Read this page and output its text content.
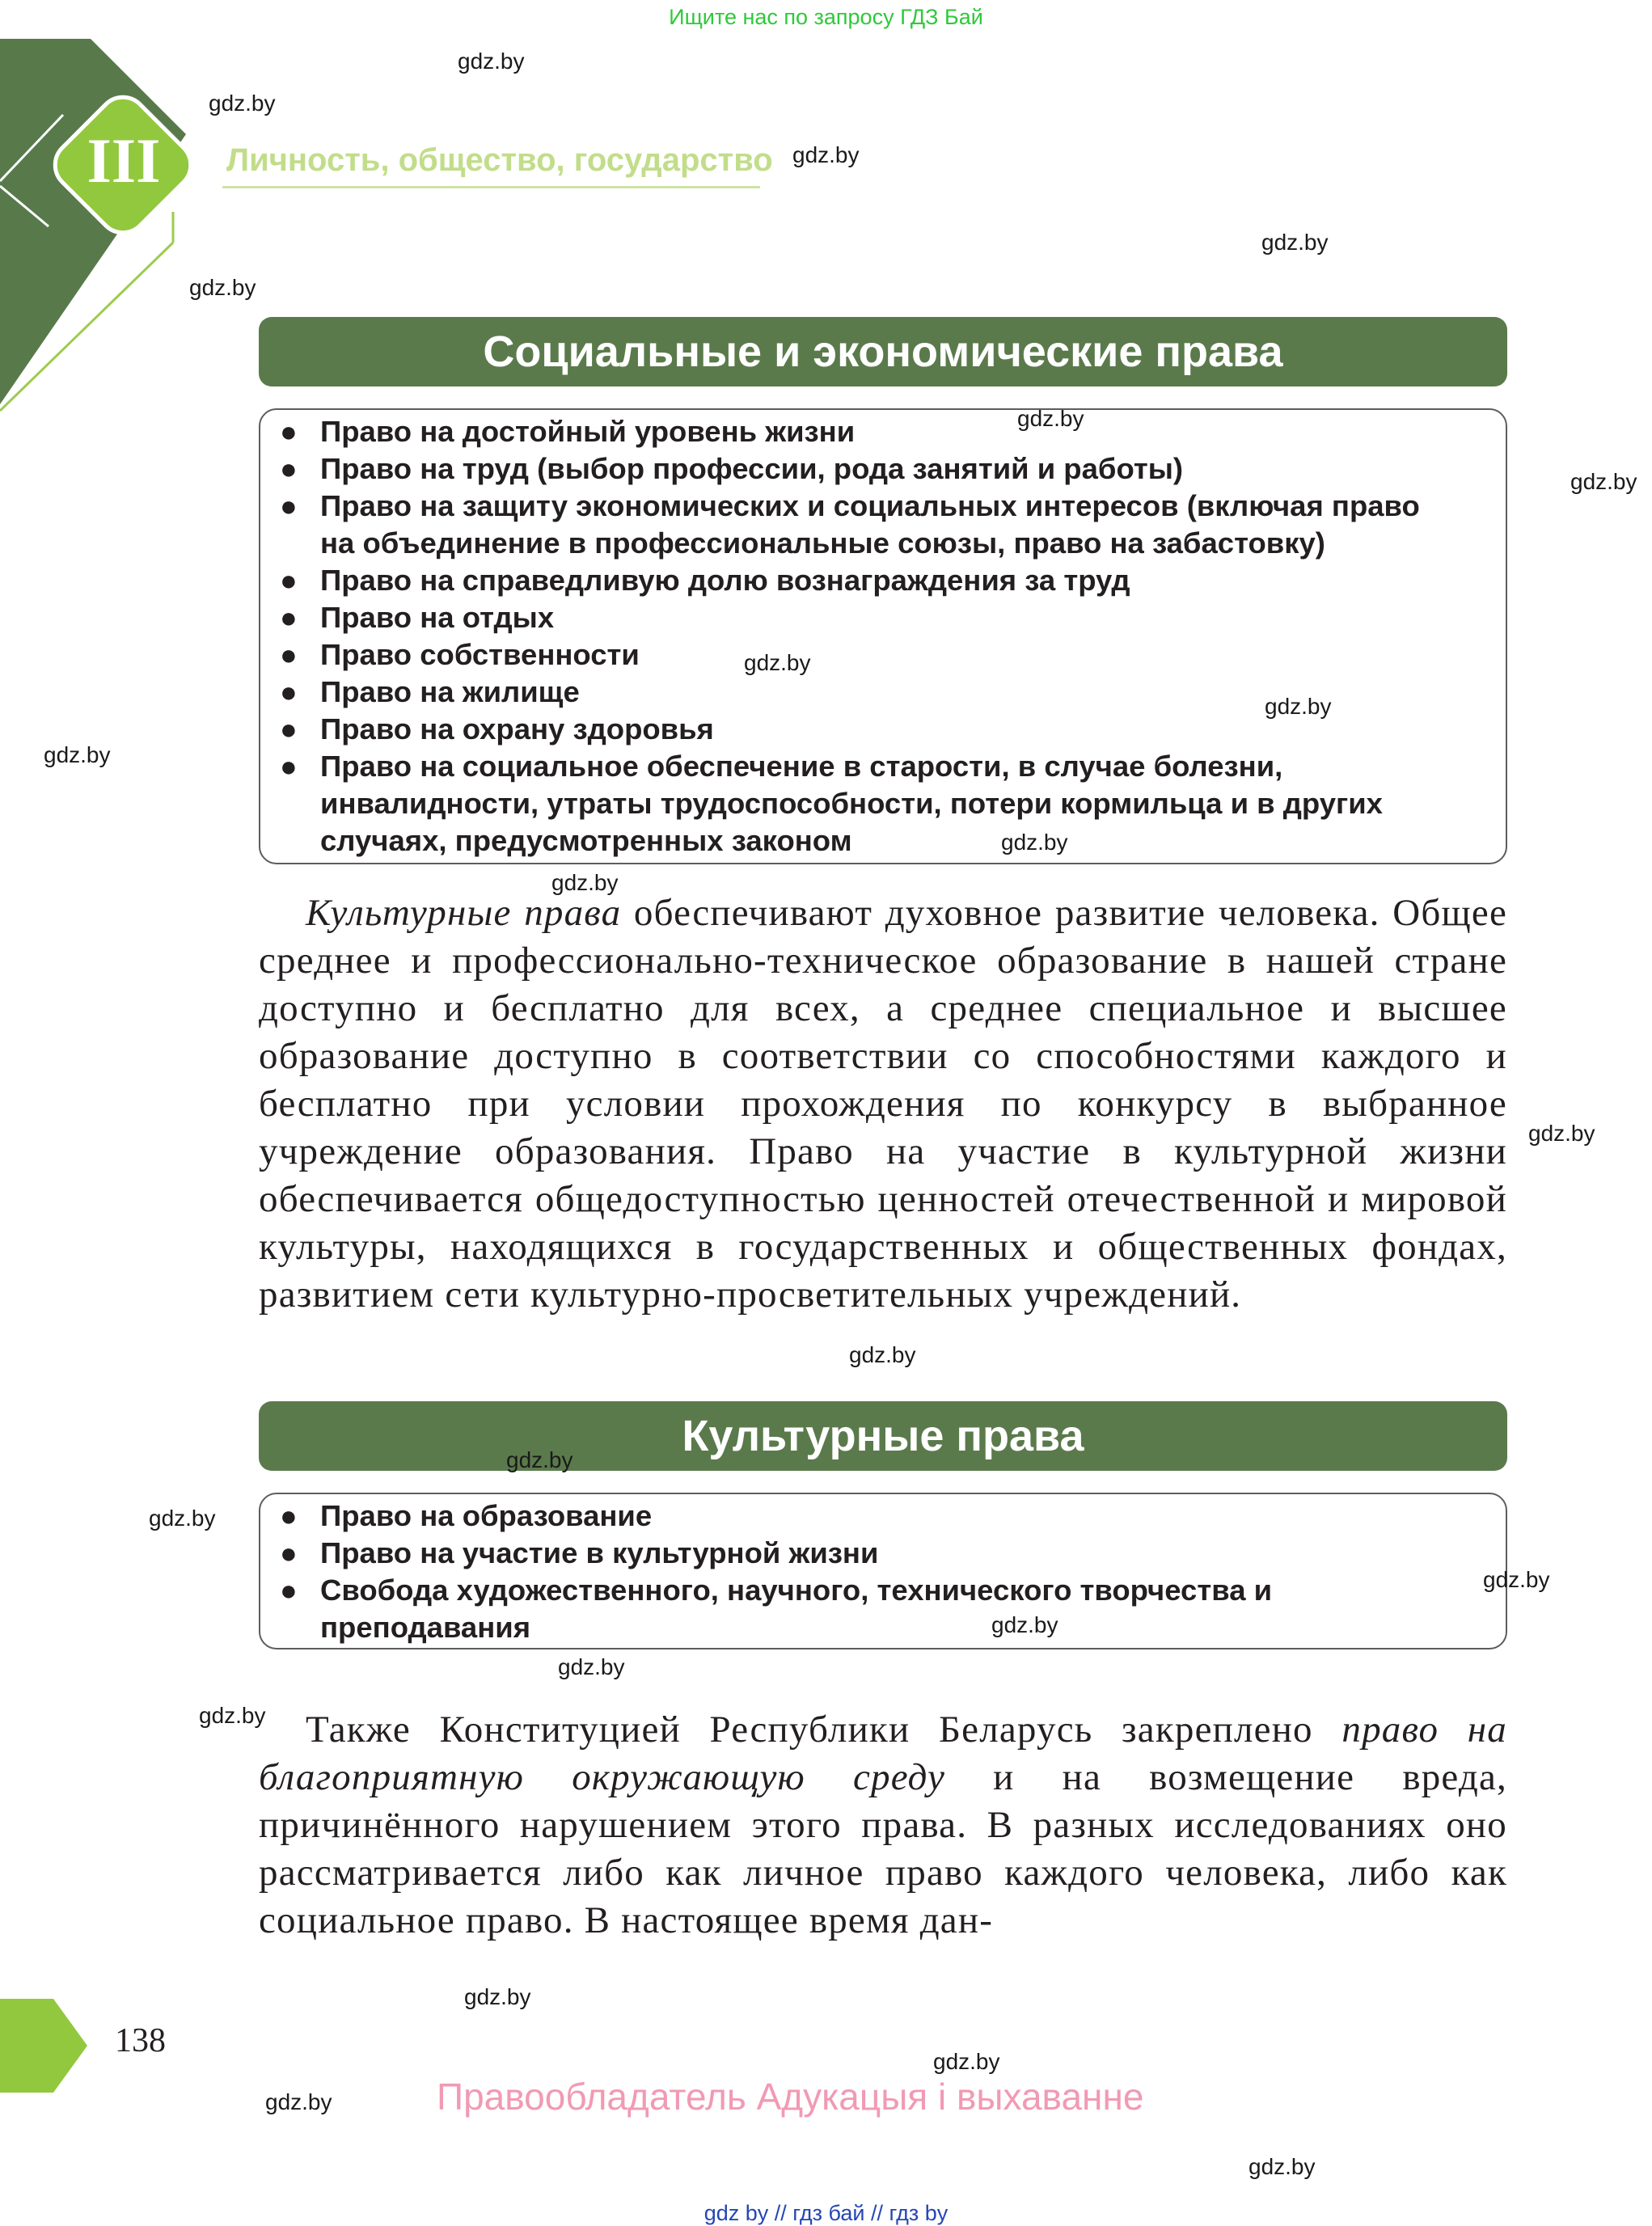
Ищите нас по запросу ГДЗ Бай
III	Личность, общество, государство
Социальные и экономические права
● Право на достойный уровень жизни
● Право на труд (выбор профессии, рода занятий и работы)
● Право на защиту экономических и социальных интересов (включая право на объединение в профессиональные союзы, право на забастовку)
● Право на справедливую долю вознаграждения за труд
● Право на отдых
● Право собственности
● Право на жилище
● Право на охрану здоровья
● Право на социальное обеспечение в старости, в случае болезни, инвалидности, утраты трудоспособности, потери кормильца и в других случаях, предусмотренных законом

Культурные права обеспечивают духовное развитие человека. Общее среднее и профессионально-техническое образование в нашей стране доступно и бесплатно для всех, а среднее специальное и высшее образование доступно в соответствии со способностями каждого и бесплатно при условии прохождения по конкурсу в выбранное учреждение образования. Право на участие в культурной жизни обеспечивается общедоступностью ценностей отечественной и мировой культуры, находящихся в государственных и общественных фондах, развитием сети культурно-просветительных учреждений.

Культурные права
● Право на образование
● Право на участие в культурной жизни
● Свобода художественного, научного, технического творчества и преподавания

Также Конституцией Республики Беларусь закреплено право на благоприятную окружающую среду и на возмещение вреда, причинённого нарушением этого права. В разных исследованиях оно рассматривается либо как личное право каждого человека, либо как социальное право. В настоящее время дан-

138
Правообладатель Адукацыя і выхаванне
gdz by // гдз бай // гдз by
gdz.by
gdz.by
gdz.by
gdz.by
gdz.by
gdz.by
gdz.by
gdz.by
gdz.by
gdz.by
gdz.by
gdz.by
gdz.by
gdz.by
gdz.by
gdz.by
gdz.by
gdz.by
gdz.by
gdz.by
gdz.by
gdz.by
gdz.by
gdz.by
